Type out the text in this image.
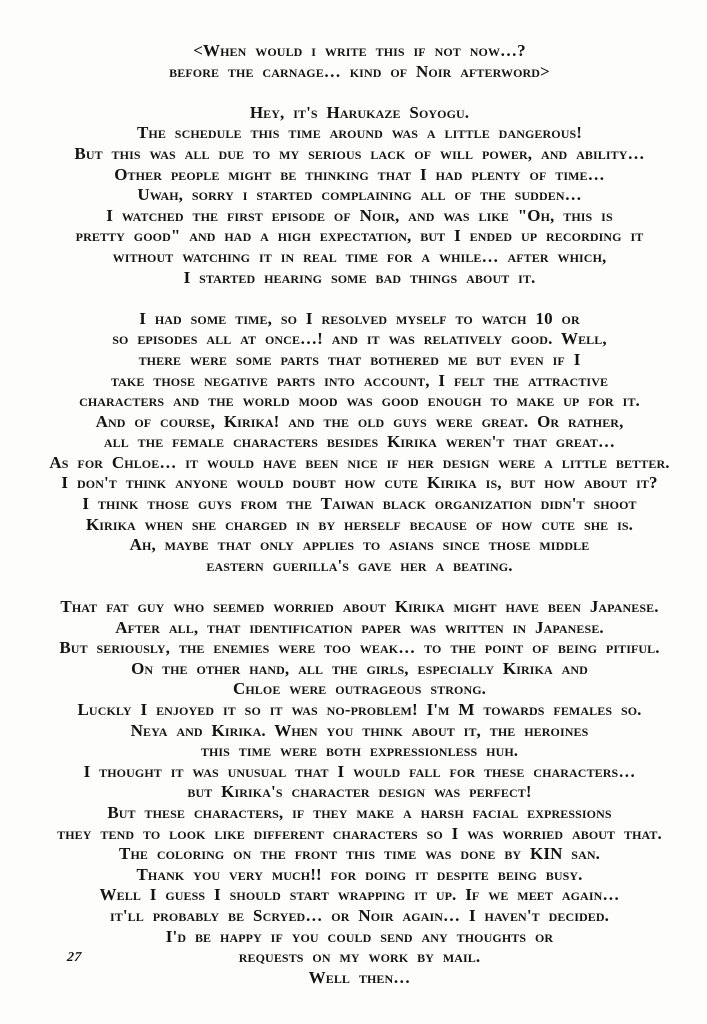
<When would i write this if not now…?
before the carnage… kind of Noir afterword>
Hey, it's Harukaze Soyogu.
The schedule this time around was a little dangerous!
But this was all due to my serious lack of will power, and ability…
Other people might be thinking that I had plenty of time…
Uwah, sorry i started complaining all of the sudden…
I watched the first episode of Noir, and was like "Oh, this is
pretty good" and had a high expectation, but I ended up recording it
without watching it in real time for a while… after which,
I started hearing some bad things about it.
I had some time, so I resolved myself to watch 10 or
so episodes all at once…! and it was relatively good. Well,
there were some parts that bothered me but even if I
take those negative parts into account, I felt the attractive
characters and the world mood was good enough to make up for it.
And of course, Kirika! and the old guys were great. Or rather,
all the female characters besides Kirika weren't that great…
As for Chloe… it would have been nice if her design were a little better.
I don't think anyone would doubt how cute Kirika is, but how about it?
I think those guys from the Taiwan black organization didn't shoot
Kirika when she charged in by herself because of how cute she is.
Ah, maybe that only applies to asians since those middle
eastern guerilla's gave her a beating.
That fat guy who seemed worried about Kirika might have been Japanese.
After all, that identification paper was written in Japanese.
But seriously, the enemies were too weak… to the point of being pitiful.
On the other hand, all the girls, especially Kirika and
Chloe were outrageous strong.
Luckly I enjoyed it so it was no-problem! I'm M towards females so.
Neya and Kirika. When you think about it, the heroines
this time were both expressionless huh.
I thought it was unusual that I would fall for these characters…
but Kirika's character design was perfect!
But these characters, if they make a harsh facial expressions
they tend to look like different characters so I was worried about that.
The coloring on the front this time was done by KIN san.
Thank you very much!! for doing it despite being busy.
Well I guess I should start wrapping it up. If we meet again…
it'll probably be Scryed… or Noir again… I haven't decided.
I'd be happy if you could send any thoughts or
requests on my work by mail.
Well then…
27
